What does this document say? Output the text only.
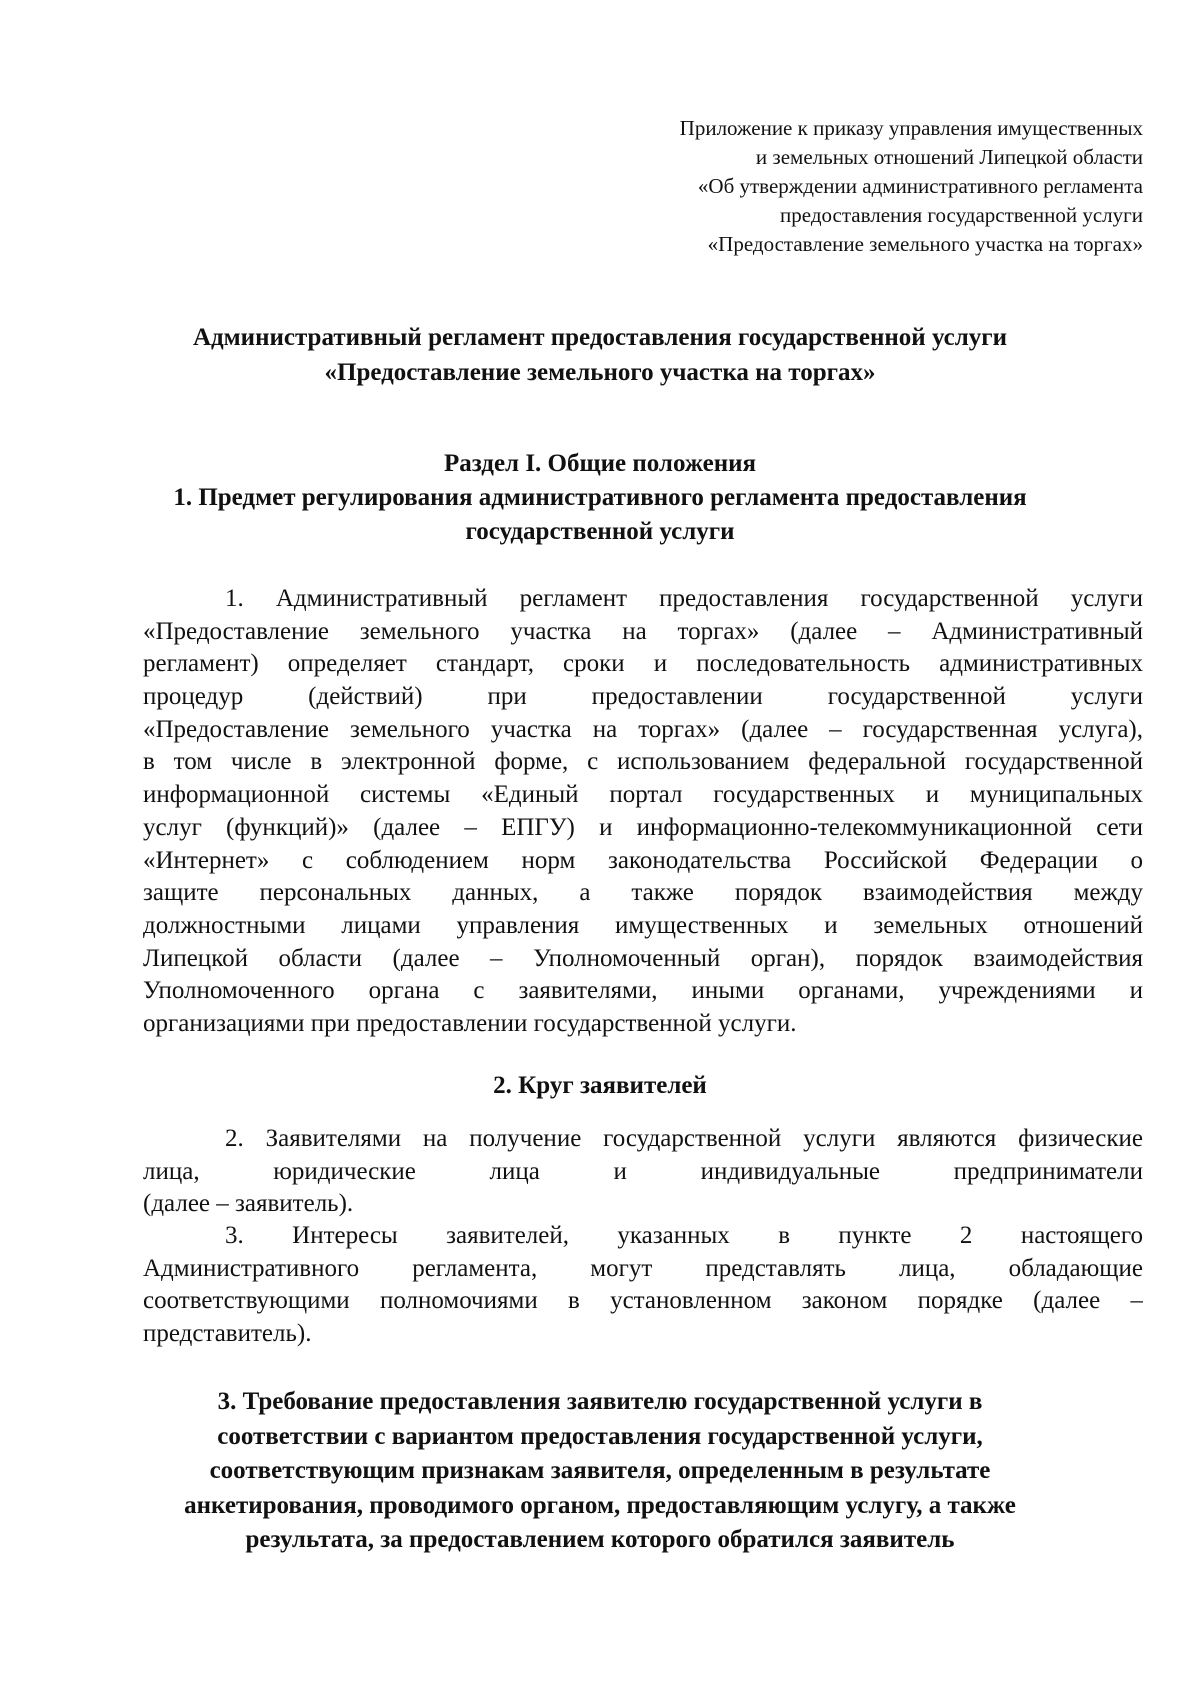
Приложение к приказу управления имущественных
и земельных отношений Липецкой области
«Об утверждении административного регламента
предоставления государственной услуги
«Предоставление земельного участка на торгах»
Административный регламент предоставления государственной услуги
«Предоставление земельного участка на торгах»
Раздел I. Общие положения
1. Предмет регулирования административного регламента предоставления
государственной услуги
1. Административный регламент предоставления государственной услуги
«Предоставление земельного участка на торгах» (далее – Административный
регламент) определяет стандарт, сроки и последовательность административных
процедур (действий) при предоставлении государственной услуги
«Предоставление земельного участка на торгах» (далее – государственная услуга),
в том числе в электронной форме, с использованием федеральной государственной
информационной системы «Единый портал государственных и муниципальных
услуг (функций)» (далее – ЕПГУ) и информационно-телекоммуникационной сети
«Интернет» с соблюдением норм законодательства Российской Федерации о
защите персональных данных, а также порядок взаимодействия между
должностными лицами управления имущественных и земельных отношений
Липецкой области (далее – Уполномоченный орган), порядок взаимодействия
Уполномоченного органа с заявителями, иными органами, учреждениями и
организациями при предоставлении государственной услуги.
2. Круг заявителей
2. Заявителями на получение государственной услуги являются физические
лица, юридические лица и индивидуальные предприниматели
(далее – заявитель).
3. Интересы заявителей, указанных в пункте 2 настоящего
Административного регламента, могут представлять лица, обладающие
соответствующими полномочиями в установленном законом порядке (далее –
представитель).
3. Требование предоставления заявителю государственной услуги в
соответствии с вариантом предоставления государственной услуги,
соответствующим признакам заявителя, определенным в результате
анкетирования, проводимого органом, предоставляющим услугу, а также
результата, за предоставлением которого обратился заявитель
